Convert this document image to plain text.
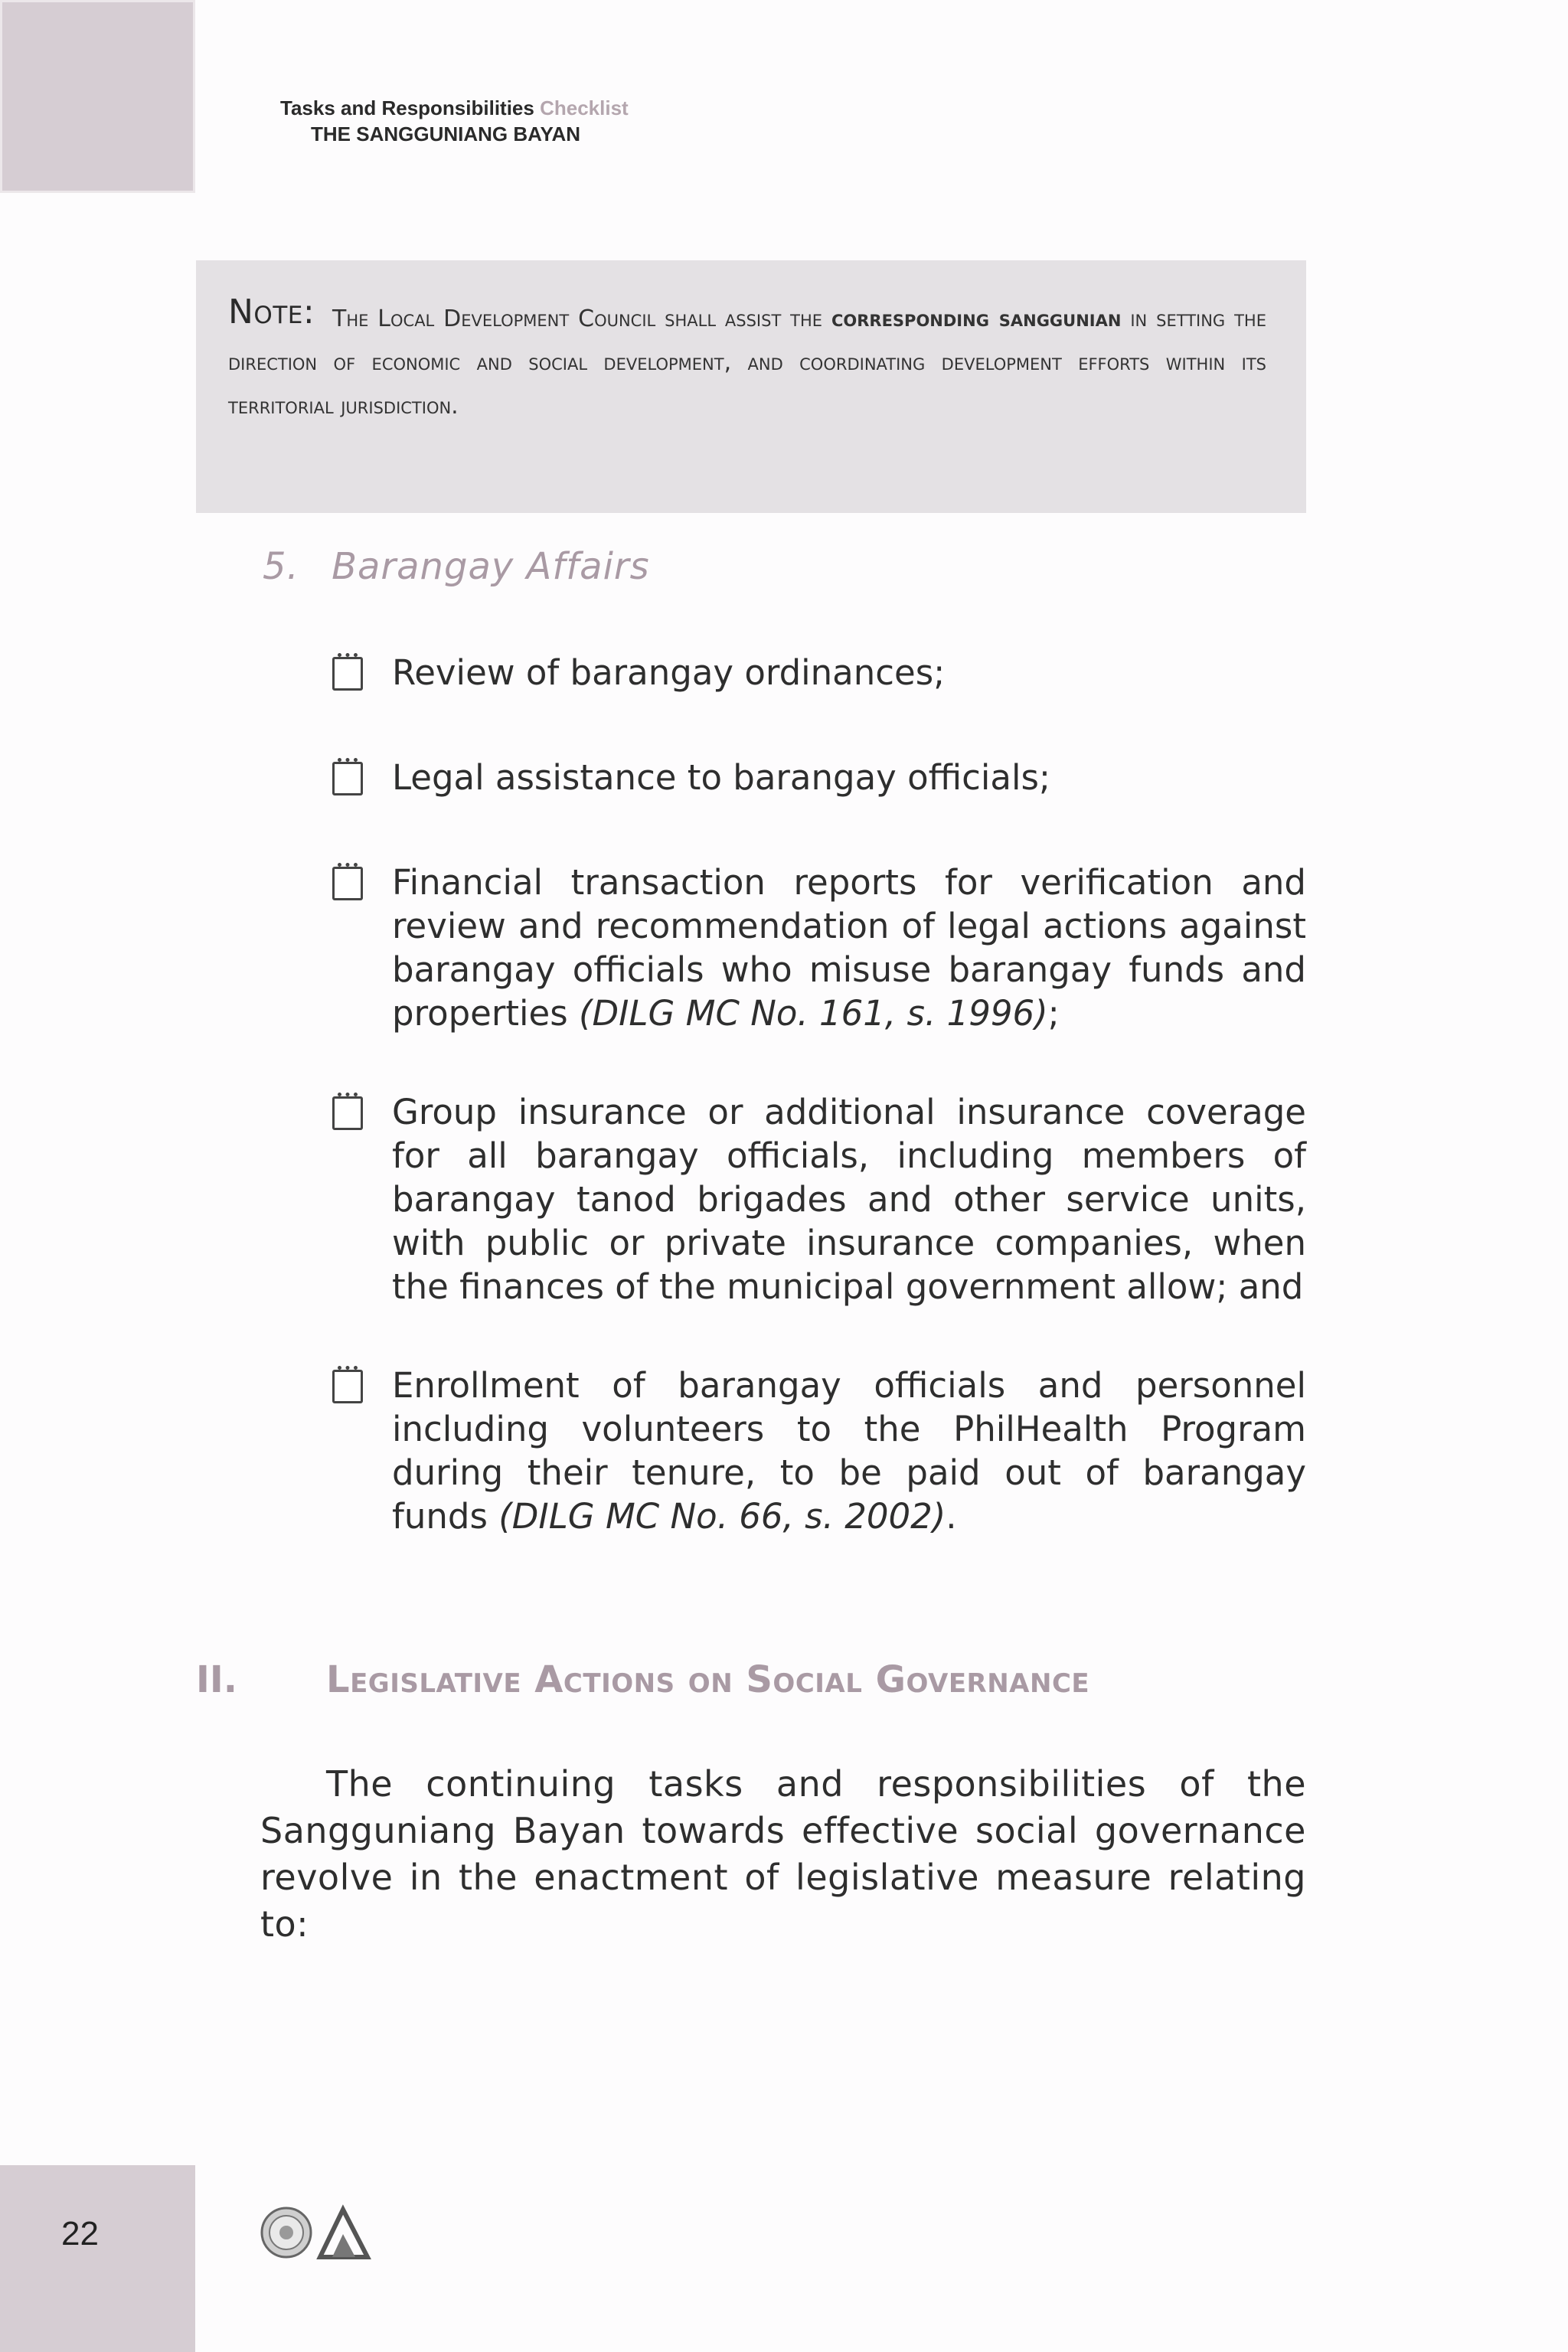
Tasks and Responsibilities Checklist
THE SANGGUNIANG BAYAN
Note: The Local Development Council shall assist the corresponding sanggunian in setting the direction of economic and social development, and coordinating development efforts within its territorial jurisdiction.
5. Barangay Affairs
Review of barangay ordinances;
Legal assistance to barangay officials;
Financial transaction reports for verification and review and recommendation of legal actions against barangay officials who misuse barangay funds and properties (DILG MC No. 161, s. 1996);
Group insurance or additional insurance coverage for all barangay officials, including members of barangay tanod brigades and other service units, with public or private insurance companies, when the finances of the municipal government allow; and
Enrollment of barangay officials and personnel including volunteers to the PhilHealth Program during their tenure, to be paid out of barangay funds (DILG MC No. 66, s. 2002).
II. Legislative Actions on Social Governance
The continuing tasks and responsibilities of the Sangguniang Bayan towards effective social governance revolve in the enactment of legislative measure relating to:
22
